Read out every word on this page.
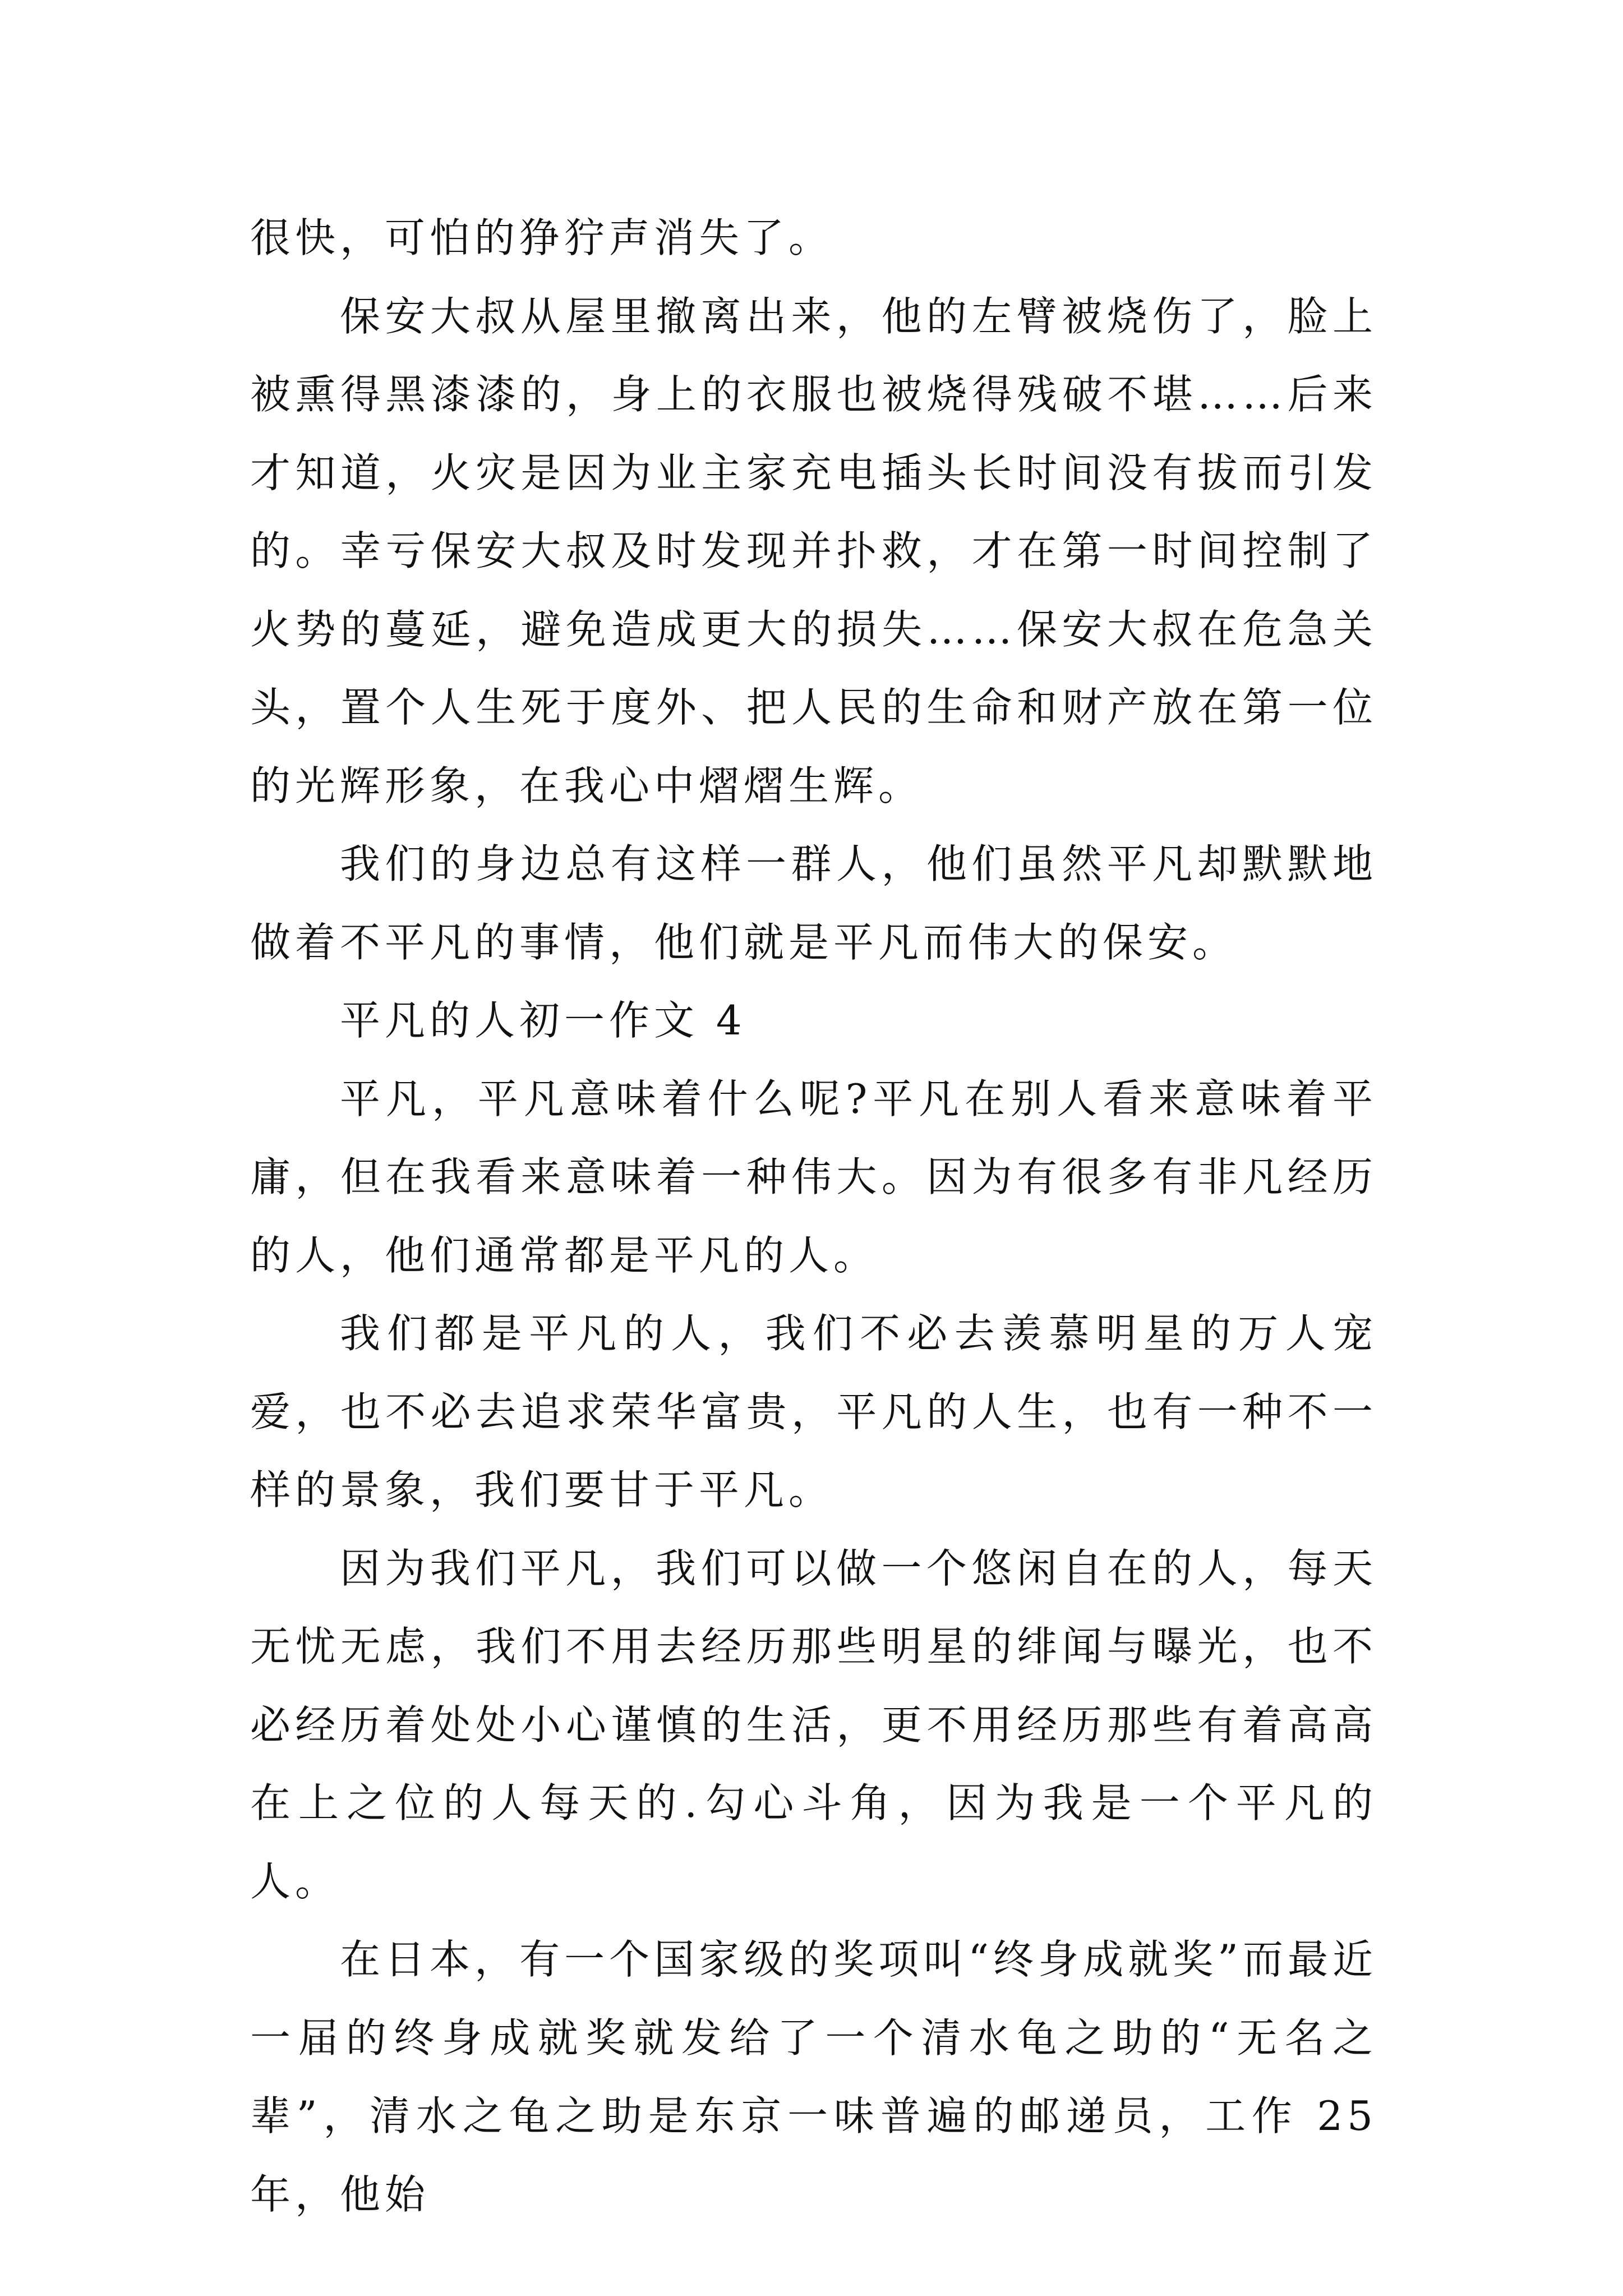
很快，可怕的狰狞声消失了。

保安大叔从屋里撤离出来，他的左臂被烧伤了，脸上被熏得黑漆漆的，身上的衣服也被烧得残破不堪……后来才知道，火灾是因为业主家充电插头长时间没有拔而引发的。幸亏保安大叔及时发现并扑救，才在第一时间控制了火势的蔓延，避免造成更大的损失……保安大叔在危急关头，置个人生死于度外、把人民的生命和财产放在第一位的光辉形象，在我心中熠熠生辉。

我们的身边总有这样一群人，他们虽然平凡却默默地做着不平凡的事情，他们就是平凡而伟大的保安。

平凡的人初一作文 4

平凡，平凡意味着什么呢?平凡在别人看来意味着平庸，但在我看来意味着一种伟大。因为有很多有非凡经历的人，他们通常都是平凡的人。

我们都是平凡的人，我们不必去羡慕明星的万人宠爱，也不必去追求荣华富贵，平凡的人生，也有一种不一样的景象，我们要甘于平凡。

因为我们平凡，我们可以做一个悠闲自在的人，每天无忧无虑，我们不用去经历那些明星的绯闻与曝光，也不必经历着处处小心谨慎的生活，更不用经历那些有着高高在上之位的人每天的.勾心斗角，因为我是一个平凡的人。

在日本，有一个国家级的奖项叫“终身成就奖”而最近一届的终身成就奖就发给了一个清水龟之助的“无名之辈”，清水之龟之助是东京一味普遍的邮递员，工作 25 年，他始
